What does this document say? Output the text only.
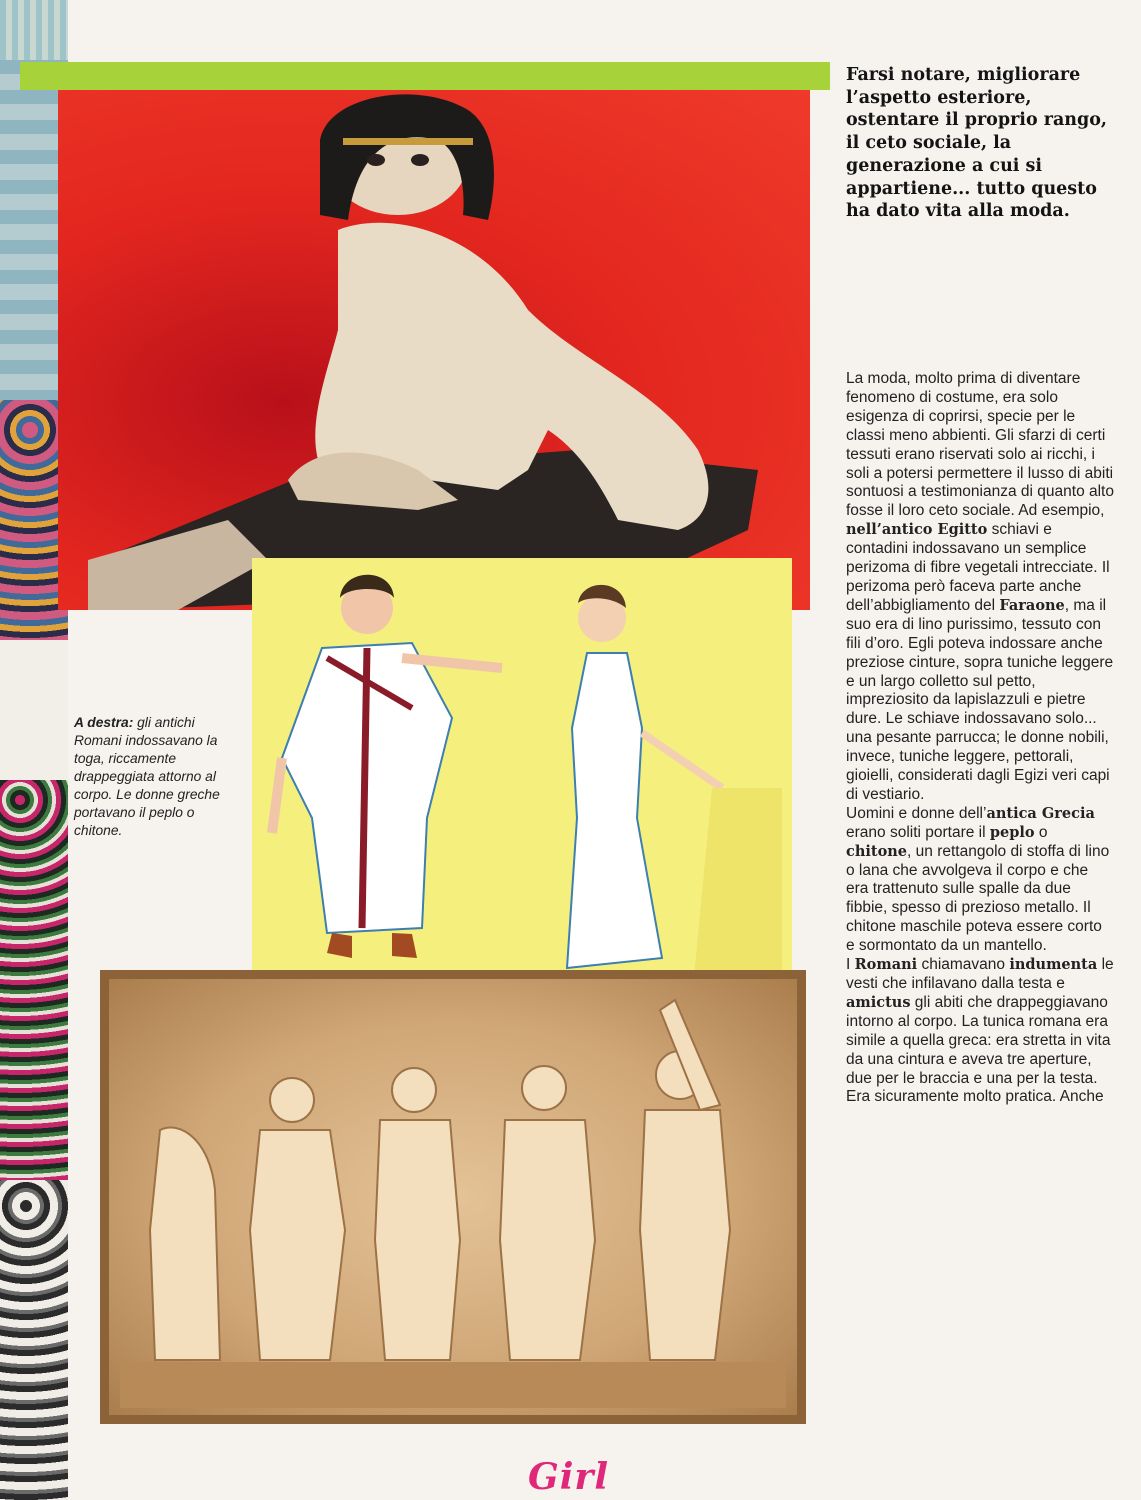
Farsi notare, migliorare l’aspetto esteriore, ostentare il proprio rango, il ceto sociale, la generazione a cui si appartiene... tutto questo ha dato vita alla moda.

A destra: gli antichi Romani indossavano la toga, riccamente drappeggiata attorno al corpo. Le donne greche portavano il peplo o chitone.

La moda, molto prima di diventare fenomeno di costume, era solo esigenza di coprirsi, specie per le classi meno abbienti. Gli sfarzi di certi tessuti erano riservati solo ai ricchi, i soli a potersi permettere il lusso di abiti sontuosi a testimonianza di quanto alto fosse il loro ceto sociale. Ad esempio, nell’antico Egitto schiavi e contadini indossavano un semplice perizoma di fibre vegetali intrecciate. Il perizoma però faceva parte anche dell’abbigliamento del Faraone, ma il suo era di lino purissimo, tessuto con fili d’oro. Egli poteva indossare anche preziose cinture, sopra tuniche leggere e un largo colletto sul petto, impreziosito da lapislazzuli e pietre dure. Le schiave indossavano solo... una pesante parrucca; le donne nobili, invece, tuniche leggere, pettorali, gioielli, considerati dagli Egizi veri capi di vestiario.

Uomini e donne dell’antica Grecia erano soliti portare il peplo o chitone, un rettangolo di stoffa di lino o lana che avvolgeva il corpo e che era trattenuto sulle spalle da due fibbie, spesso di prezioso metallo. Il chitone maschile poteva essere corto e sormontato da un mantello.

I Romani chiamavano indumenta le vesti che infilavano dalla testa e amictus gli abiti che drappeggiavano intorno al corpo. La tunica romana era simile a quella greca: era stretta in vita da una cintura e aveva tre aperture, due per le braccia e una per la testa. Era sicuramente molto pratica. Anche

Girl
